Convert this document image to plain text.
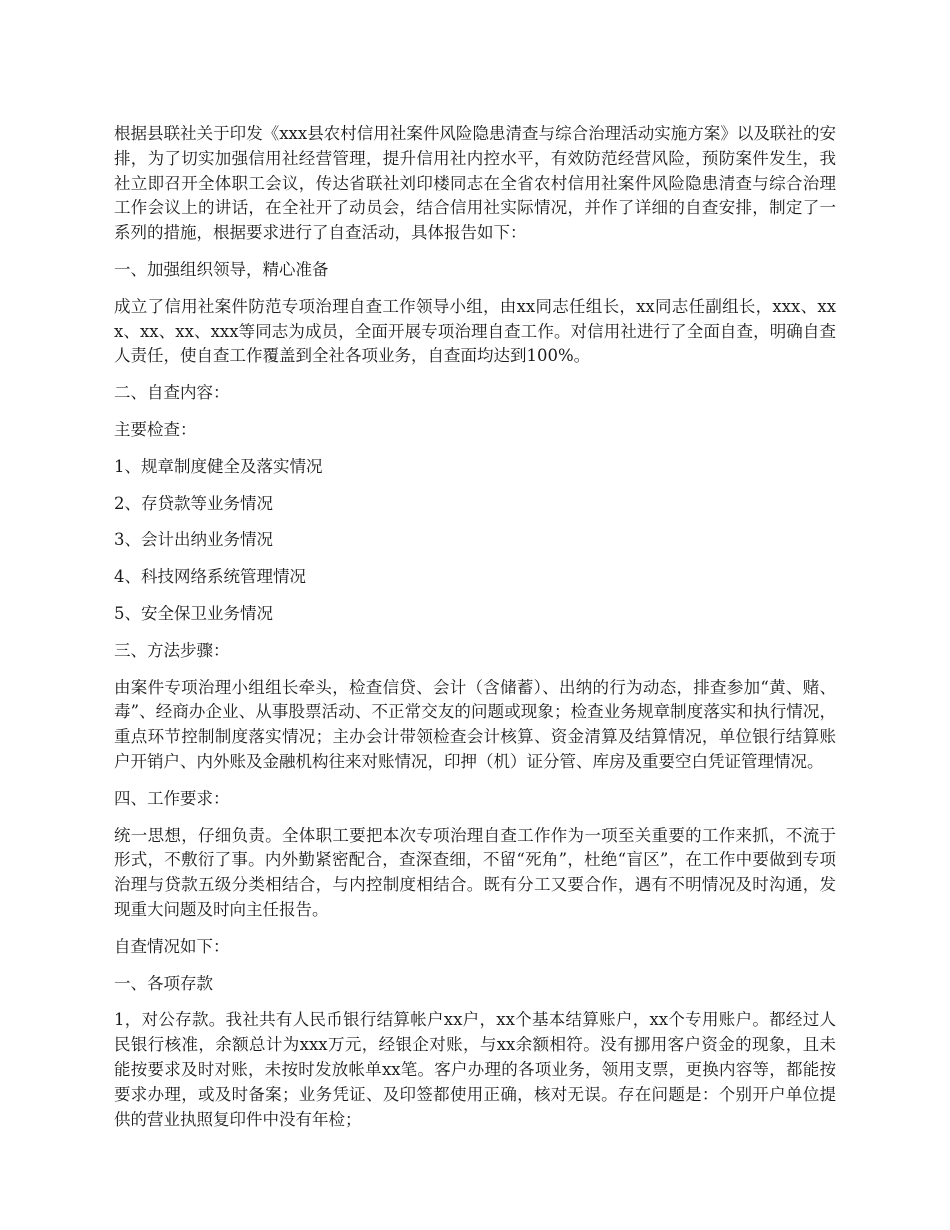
根据县联社关于印发《xxx县农村信用社案件风险隐患清查与综合治理活动实施方案》以及联社的安排，为了切实加强信用社经营管理，提升信用社内控水平，有效防范经营风险，预防案件发生，我社立即召开全体职工会议，传达省联社刘印楼同志在全省农村信用社案件风险隐患清查与综合治理工作会议上的讲话，在全社开了动员会，结合信用社实际情况，并作了详细的自查安排，制定了一系列的措施，根据要求进行了自查活动，具体报告如下：

一、加强组织领导，精心准备

成立了信用社案件防范专项治理自查工作领导小组，由xx同志任组长，xx同志任副组长，xxx、xxx、xx、xx、xxx等同志为成员，全面开展专项治理自查工作。对信用社进行了全面自查，明确自查人责任，使自查工作覆盖到全社各项业务，自查面均达到100%。

二、自查内容：

主要检查：

1、规章制度健全及落实情况

2、存贷款等业务情况

3、会计出纳业务情况

4、科技网络系统管理情况

5、安全保卫业务情况

三、方法步骤：

由案件专项治理小组组长牵头，检查信贷、会计（含储蓄）、出纳的行为动态，排查参加“黄、赌、毒”、经商办企业、从事股票活动、不正常交友的问题或现象；检查业务规章制度落实和执行情况，重点环节控制制度落实情况；主办会计带领检查会计核算、资金清算及结算情况，单位银行结算账户开销户、内外账及金融机构往来对账情况，印押（机）证分管、库房及重要空白凭证管理情况。

四、工作要求：

统一思想，仔细负责。全体职工要把本次专项治理自查工作作为一项至关重要的工作来抓，不流于形式，不敷衍了事。内外勤紧密配合，查深查细，不留“死角”，杜绝“盲区”，在工作中要做到专项治理与贷款五级分类相结合，与内控制度相结合。既有分工又要合作，遇有不明情况及时沟通，发现重大问题及时向主任报告。

自查情况如下：

一、各项存款

1，对公存款。我社共有人民币银行结算帐户xx户，xx个基本结算账户，xx个专用账户。都经过人民银行核准，余额总计为xxx万元，经银企对账，与xx余额相符。没有挪用客户资金的现象，且未能按要求及时对账，未按时发放帐单xx笔。客户办理的各项业务，领用支票，更换内容等，都能按要求办理，或及时备案；业务凭证、及印签都使用正确，核对无误。存在问题是：个别开户单位提供的营业执照复印件中没有年检；
